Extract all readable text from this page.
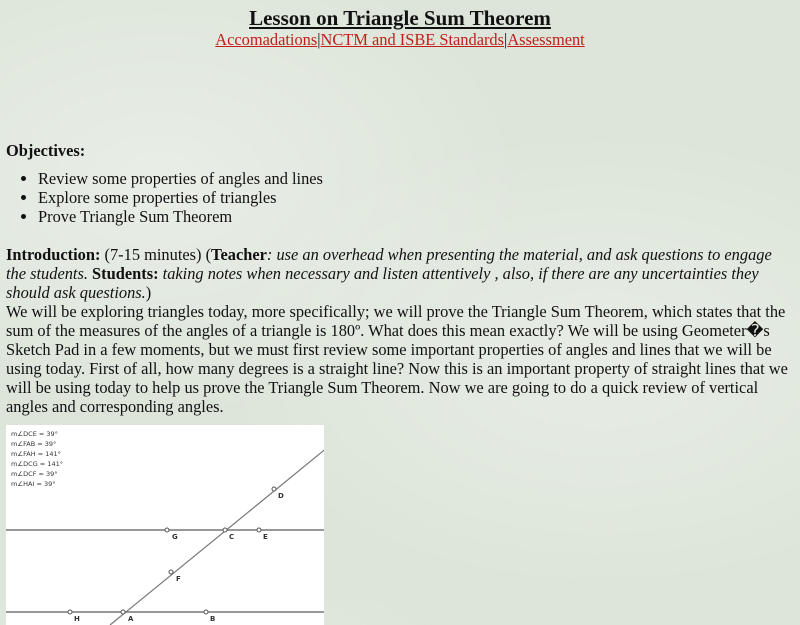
Lesson on Triangle Sum Theorem
Accomadations|NCTM and ISBE Standards|Assessment
Objectives:
• Review some properties of angles and lines
• Explore some properties of triangles
• Prove Triangle Sum Theorem
Introduction: (7-15 minutes) (Teacher: use an overhead when presenting the material, and ask questions to engage the students. Students: taking notes when necessary and listen attentively , also, if there are any uncertainties they should ask questions.)
We will be exploring triangles today, more specifically; we will prove the Triangle Sum Theorem, which states that the sum of the measures of the angles of a triangle is 180º. What does this mean exactly? We will be using Geometer�s Sketch Pad in a few moments, but we must first review some important properties of angles and lines that we will be using today. First of all, how many degrees is a straight line? Now this is an important property of straight lines that we will be using today to help us prove the Triangle Sum Theorem. Now we are going to do a quick review of vertical angles and corresponding angles.
D
G	C	E
F
H	A	B
m∠DCE = 39°
m∠FAB = 39°
m∠FAH = 141°
m∠DCG = 141°
m∠DCF = 39°
m∠HAI = 39°
